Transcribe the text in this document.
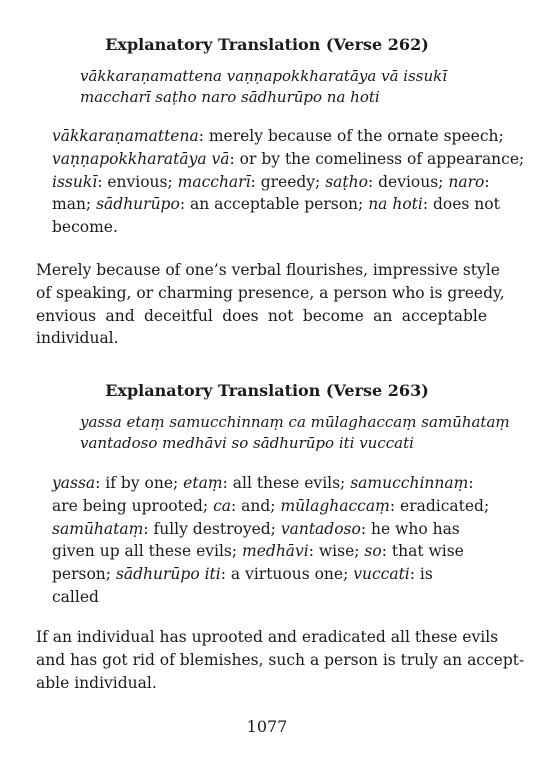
Explanatory Translation (Verse 262)
vākkaraṇamattena vaṇṇapokkharatāya vā issukī
maccharī saṭho naro sādhurūpo na hoti
vākkaraṇamattena: merely because of the ornate speech;
vaṇṇapokkharatāya vā: or by the comeliness of appearance;
issukī: envious; maccharī: greedy; saṭho: devious; naro:
man; sādhurūpo: an acceptable person; na hoti: does not
become.
Merely because of one’s verbal flourishes, impressive style
of speaking, or charming presence, a person who is greedy,
envious and deceitful does not become an acceptable
individual.
Explanatory Translation (Verse 263)
yassa etaṃ samucchinnaṃ ca mūlaghaccaṃ samūhataṃ
vantadoso medhāvi so sādhurūpo iti vuccati
yassa: if by one; etaṃ: all these evils; samucchinnaṃ:
are being uprooted; ca: and; mūlaghaccaṃ: eradicated;
samūhataṃ: fully destroyed; vantadoso: he who has
given up all these evils; medhāvi: wise; so: that wise
person; sādhurūpo iti: a virtuous one; vuccati: is
called
If an individual has uprooted and eradicated all these evils
and has got rid of blemishes, such a person is truly an accept-
able individual.
1077
